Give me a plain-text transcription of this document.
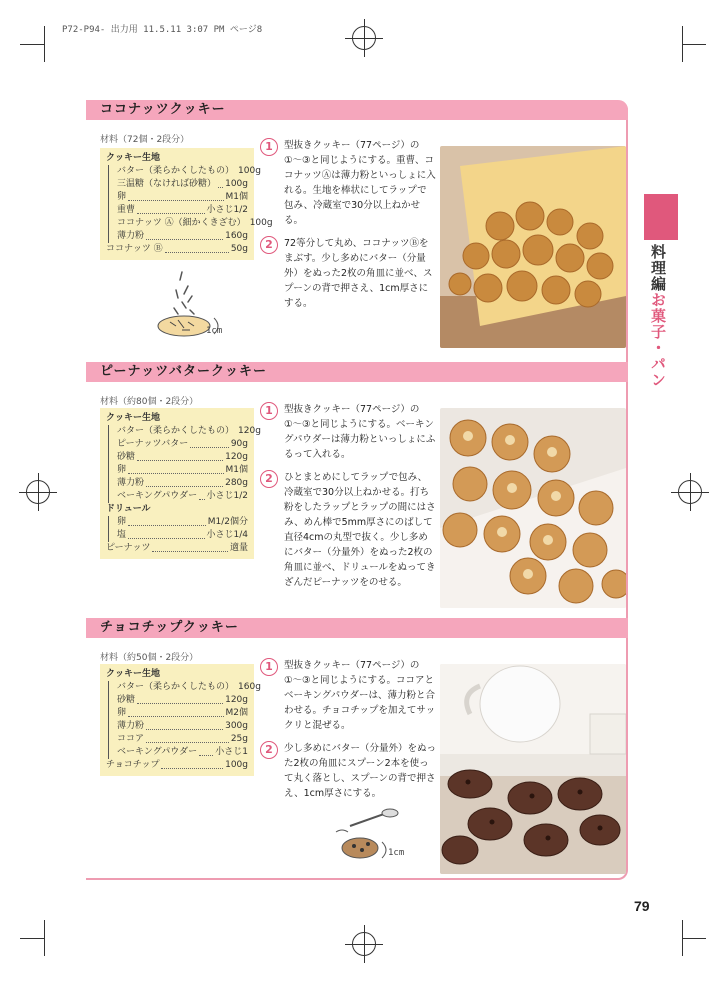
P72-P94- 出力用 11.5.11 3:07 PM ページ8
ココナッツクッキー
材料（72個・2段分）
クッキー生地
バター（柔らかくしたもの） 100g
三温糖（なければ砂糖） 100g
卵	M1個
重曹	小さじ1/2
ココナッツ Ⓐ（細かくきざむ） 100g
薄力粉	160g
ココナッツ Ⓑ	50g
1cm
1	型抜きクッキー（77ページ）の①〜③と同じようにする。重曹、ココナッツⒶは薄力粉といっしょに入れる。生地を棒状にしてラップで包み、冷蔵室で30分以上ねかせる。
2	72等分して丸め、ココナッツⒷをまぶす。少し多めにバター（分量外）をぬった2枚の角皿に並べ、スプーンの背で押さえ、1cm厚さにする。
ピーナッツバタークッキー
材料（約80個・2段分）
クッキー生地
バター（柔らかくしたもの） 120g
ピーナッツバター	90g
砂糖	120g
卵	M1個
薄力粉	280g
ベーキングパウダー 小さじ1/2
ドリュール
卵	M1/2個分
塩	小さじ1/4
ピーナッツ	適量
1	型抜きクッキー（77ページ）の①〜③と同じようにする。ベーキングパウダーは薄力粉といっしょにふるって入れる。
2	ひとまとめにしてラップで包み、冷蔵室で30分以上ねかせる。打ち粉をしたラップとラップの間にはさみ、めん棒で5mm厚さにのばして直径4cmの丸型で抜く。少し多めにバター（分量外）をぬった2枚の角皿に並べ、ドリュールをぬってきざんだピーナッツをのせる。
チョコチップクッキー
材料（約50個・2段分）
クッキー生地
バター（柔らかくしたもの） 160g
砂糖	120g
卵	M2個
薄力粉	300g
ココア	25g
ベーキングパウダー 小さじ1
チョコチップ	100g
1	型抜きクッキー（77ページ）の①〜③と同じようにする。ココアとベーキングパウダーは、薄力粉と合わせる。チョコチップを加えてサックリと混ぜる。
2	少し多めにバター（分量外）をぬった2枚の角皿にスプーン2本を使って丸く落とし、スプーンの背で押さえ、1cm厚さにする。
1cm
料理編お菓子・パン
79
